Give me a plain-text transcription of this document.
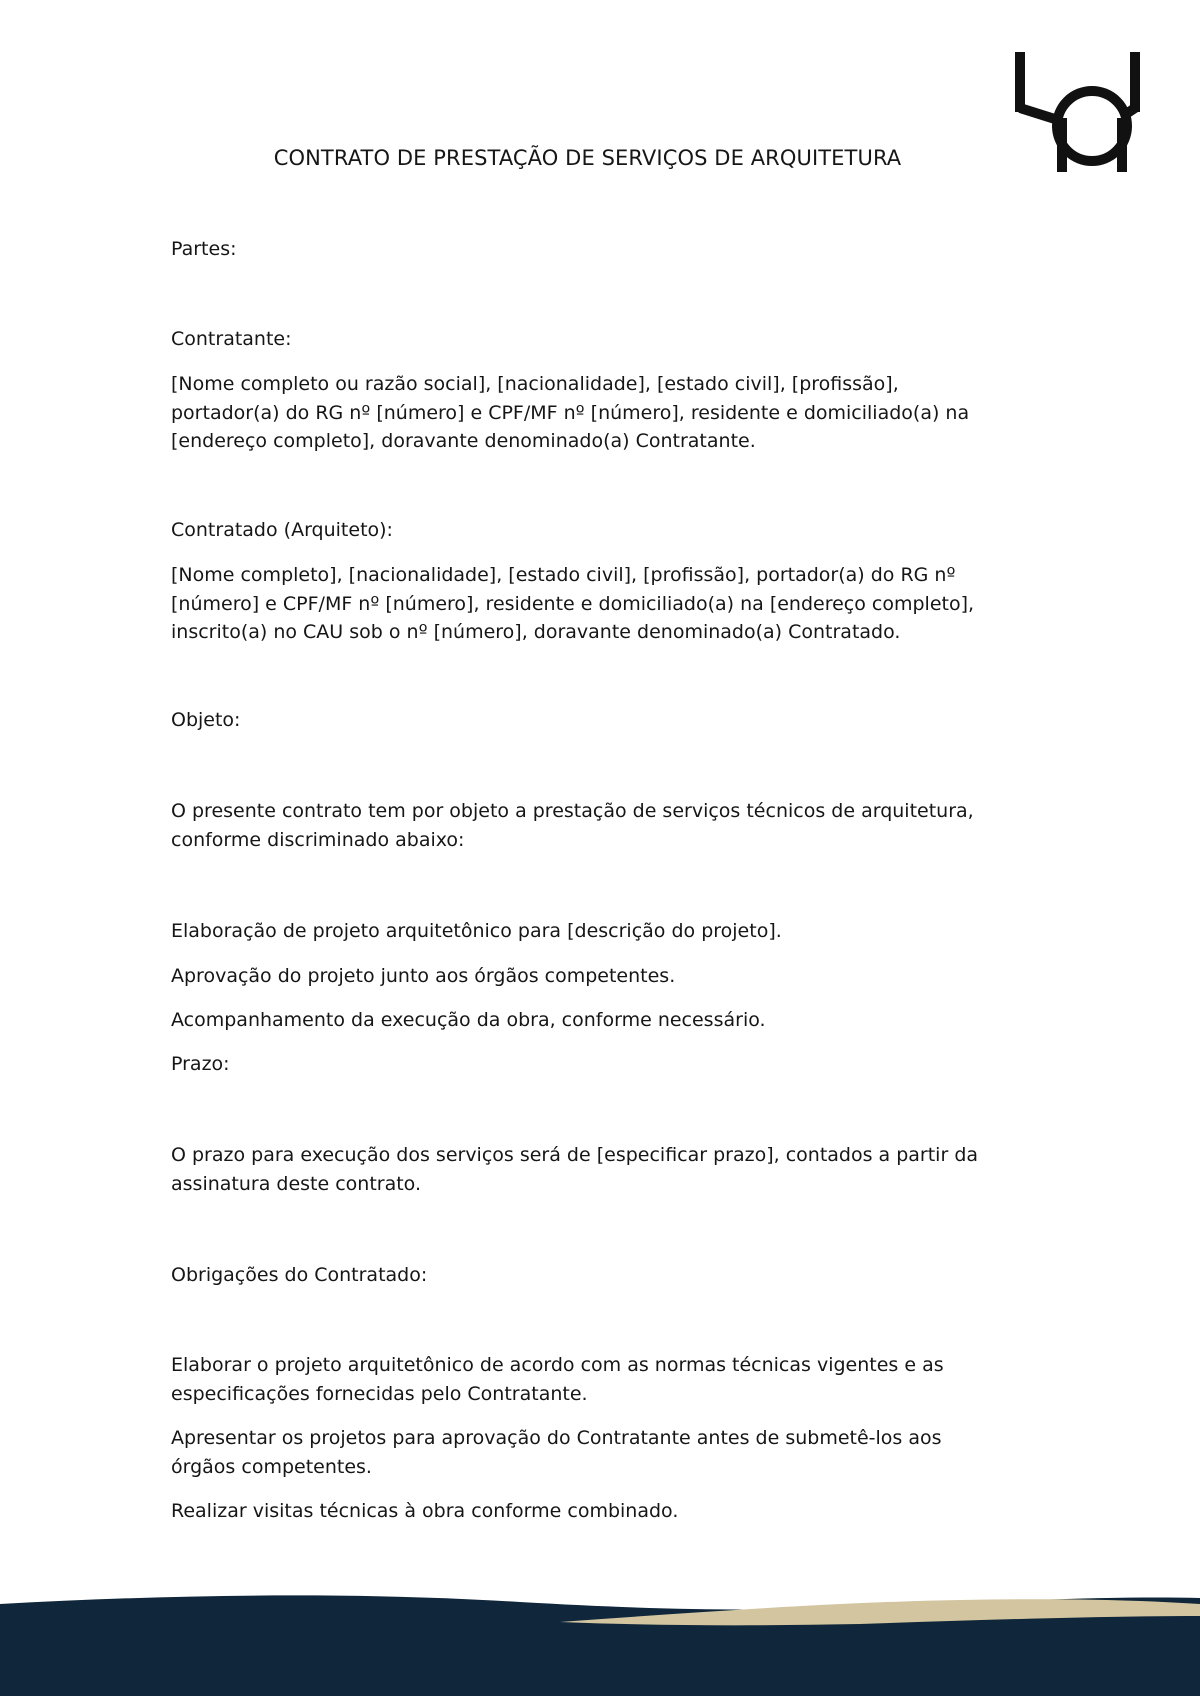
CONTRATO DE PRESTAÇÃO DE SERVIÇOS DE ARQUITETURA
Partes:
Contratante:
[Nome completo ou razão social], [nacionalidade], [estado civil], [profissão],
portador(a) do RG nº [número] e CPF/MF nº [número], residente e domiciliado(a) na
[endereço completo], doravante denominado(a) Contratante.
Contratado (Arquiteto):
[Nome completo], [nacionalidade], [estado civil], [profissão], portador(a) do RG nº
[número] e CPF/MF nº [número], residente e domiciliado(a) na [endereço completo],
inscrito(a) no CAU sob o nº [número], doravante denominado(a) Contratado.
Objeto:
O presente contrato tem por objeto a prestação de serviços técnicos de arquitetura,
conforme discriminado abaixo:
Elaboração de projeto arquitetônico para [descrição do projeto].
Aprovação do projeto junto aos órgãos competentes.
Acompanhamento da execução da obra, conforme necessário.
Prazo:
O prazo para execução dos serviços será de [especificar prazo], contados a partir da
assinatura deste contrato.
Obrigações do Contratado:
Elaborar o projeto arquitetônico de acordo com as normas técnicas vigentes e as
especificações fornecidas pelo Contratante.
Apresentar os projetos para aprovação do Contratante antes de submetê-los aos
órgãos competentes.
Realizar visitas técnicas à obra conforme combinado.
